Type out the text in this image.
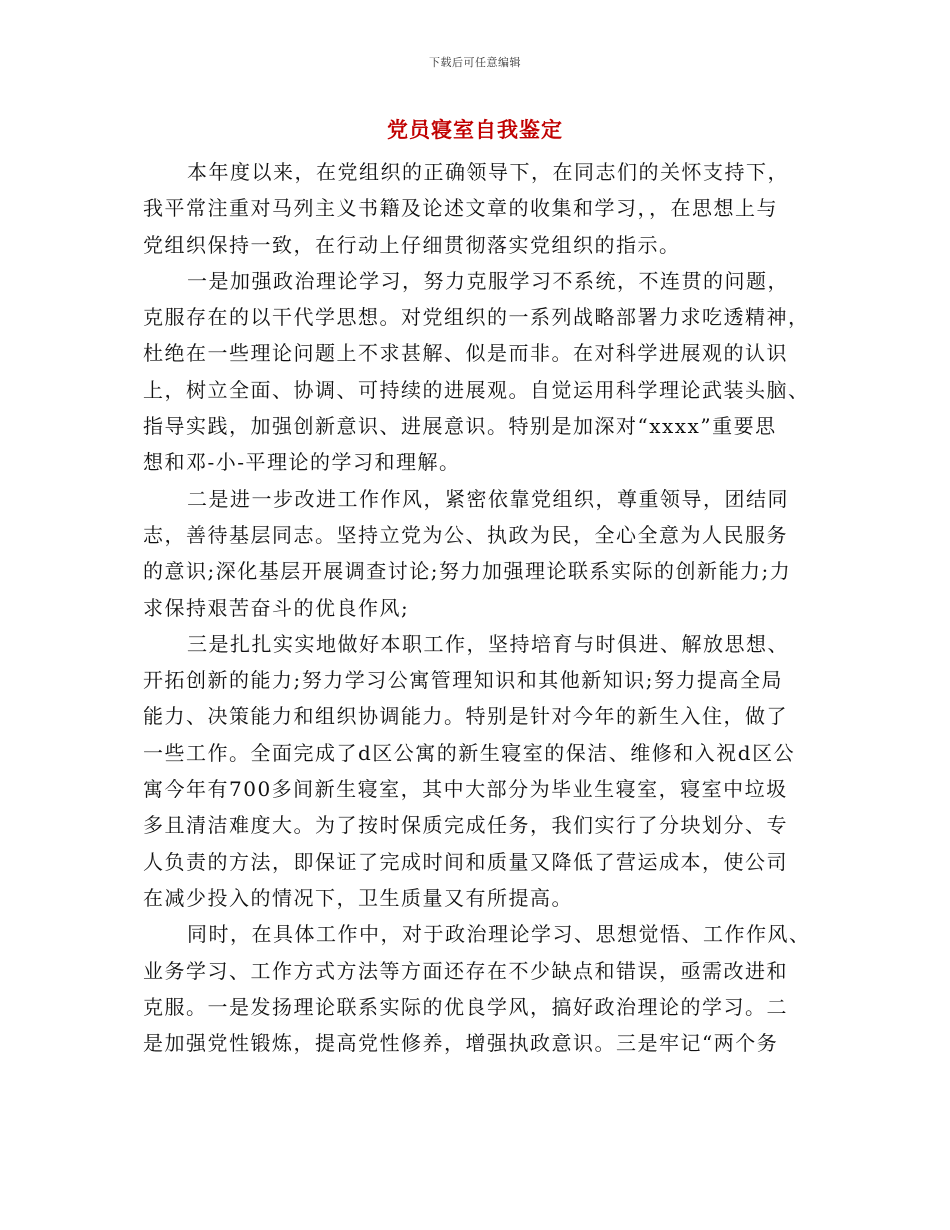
下载后可任意编辑
党员寝室自我鉴定
本年度以来，在党组织的正确领导下，在同志们的关怀支持下，
我平常注重对马列主义书籍及论述文章的收集和学习，，在思想上与
党组织保持一致，在行动上仔细贯彻落实党组织的指示。
一是加强政治理论学习，努力克服学习不系统，不连贯的问题，
克服存在的以干代学思想。对党组织的一系列战略部署力求吃透精神，
杜绝在一些理论问题上不求甚解、似是而非。在对科学进展观的认识
上，树立全面、协调、可持续的进展观。自觉运用科学理论武装头脑、
指导实践，加强创新意识、进展意识。特别是加深对“xxxx”重要思
想和邓-小-平理论的学习和理解。
二是进一步改进工作作风，紧密依靠党组织，尊重领导，团结同
志，善待基层同志。坚持立党为公、执政为民，全心全意为人民服务
的意识;深化基层开展调查讨论;努力加强理论联系实际的创新能力;力
求保持艰苦奋斗的优良作风;
三是扎扎实实地做好本职工作，坚持培育与时俱进、解放思想、
开拓创新的能力;努力学习公寓管理知识和其他新知识;努力提高全局
能力、决策能力和组织协调能力。特别是针对今年的新生入住，做了
一些工作。全面完成了d区公寓的新生寝室的保洁、维修和入祝d区公
寓今年有700多间新生寝室，其中大部分为毕业生寝室，寝室中垃圾
多且清洁难度大。为了按时保质完成任务，我们实行了分块划分、专
人负责的方法，即保证了完成时间和质量又降低了营运成本，使公司
在减少投入的情况下，卫生质量又有所提高。
同时，在具体工作中，对于政治理论学习、思想觉悟、工作作风、
业务学习、工作方式方法等方面还存在不少缺点和错误，亟需改进和
克服。一是发扬理论联系实际的优良学风，搞好政治理论的学习。二
是加强党性锻炼，提高党性修养，增强执政意识。三是牢记“两个务
